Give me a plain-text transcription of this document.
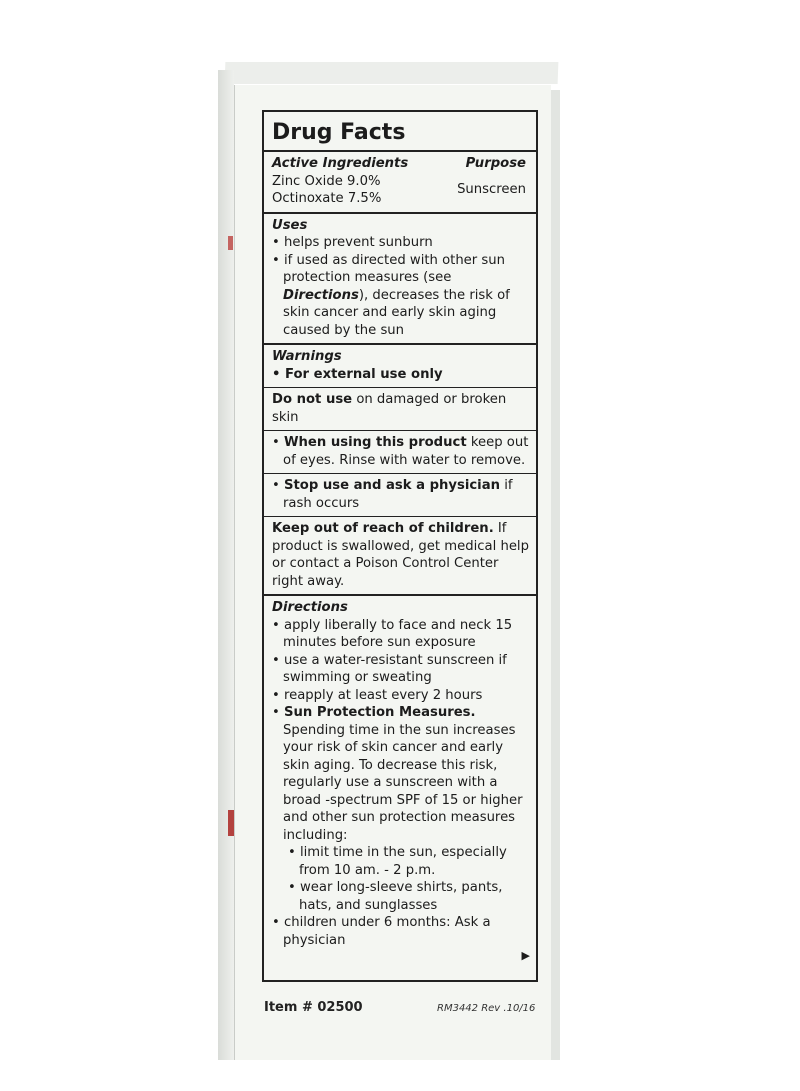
Drug Facts
Active Ingredients	Purpose
Zinc Oxide 9.0%
Octinoxate 7.5%
Sunscreen
Uses
• helps prevent sunburn
• if used as directed with other sun protection measures (see Directions), decreases the risk of skin cancer and early skin aging caused by the sun
Warnings
• For external use only
Do not use on damaged or broken skin
• When using this product keep out of eyes. Rinse with water to remove.
• Stop use and ask a physician if rash occurs
Keep out of reach of children. If product is swallowed, get medical help or contact a Poison Control Center right away.
Directions
• apply liberally to face and neck 15 minutes before sun exposure
• use a water-resistant sunscreen if swimming or sweating
• reapply at least every 2 hours
• Sun Protection Measures. Spending time in the sun increases your risk of skin cancer and early skin aging. To decrease this risk, regularly use a sunscreen with a broad -spectrum SPF of 15 or higher and other sun protection measures including:
• limit time in the sun, especially from 10 am. - 2 p.m.
• wear long-sleeve shirts, pants, hats, and sunglasses
• children under 6 months: Ask a physician
▶
Item # 02500	RM3442 Rev .10/16
